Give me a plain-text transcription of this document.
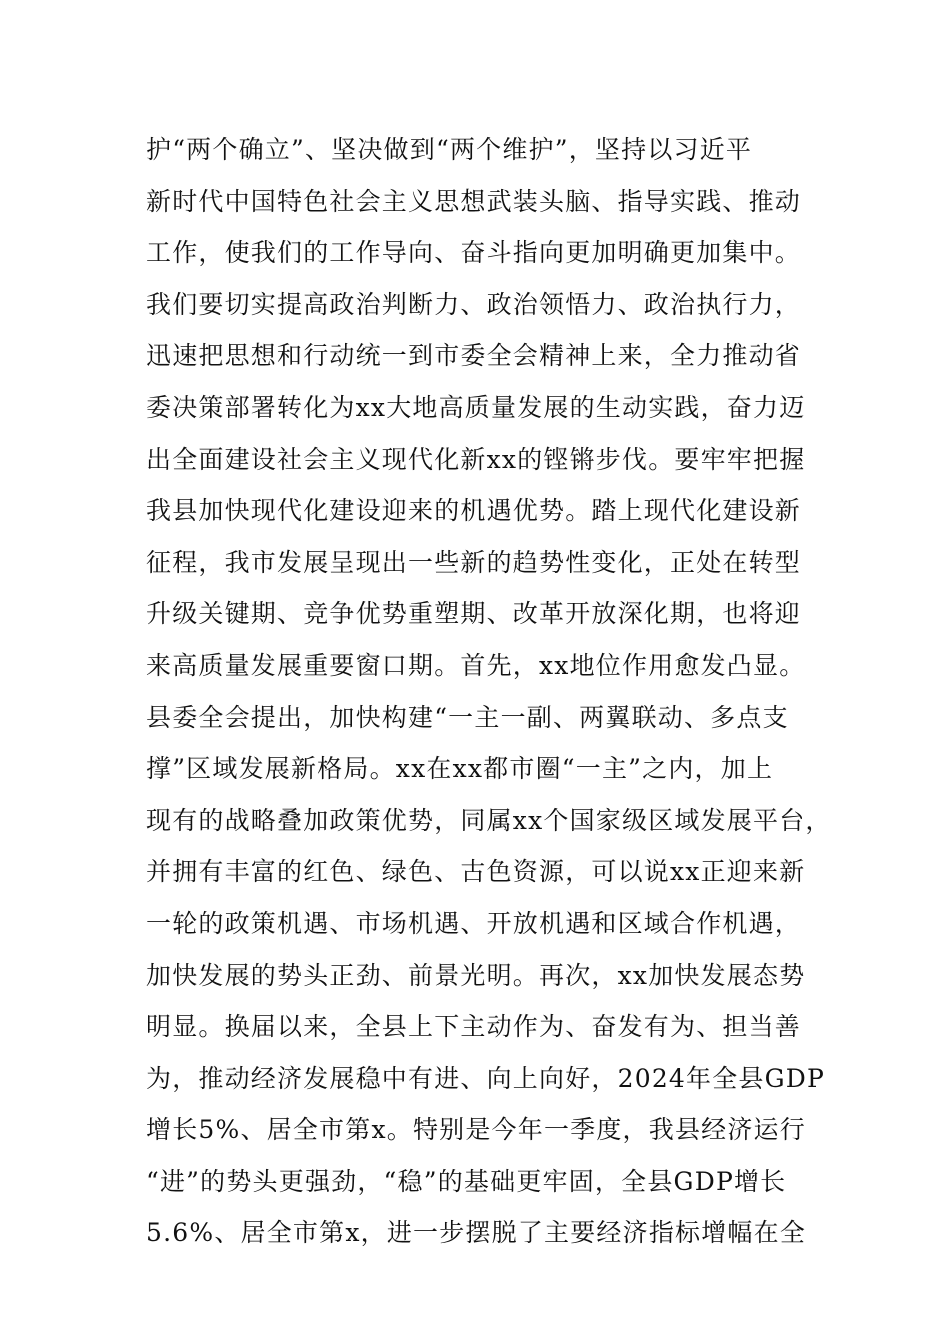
护“两个确立”、坚决做到“两个维护”，坚持以习近平
新时代中国特色社会主义思想武装头脑、指导实践、推动
工作，使我们的工作导向、奋斗指向更加明确更加集中。
我们要切实提高政治判断力、政治领悟力、政治执行力，
迅速把思想和行动统一到市委全会精神上来，全力推动省
委决策部署转化为xx大地高质量发展的生动实践，奋力迈
出全面建设社会主义现代化新xx的铿锵步伐。要牢牢把握
我县加快现代化建设迎来的机遇优势。踏上现代化建设新
征程，我市发展呈现出一些新的趋势性变化，正处在转型
升级关键期、竞争优势重塑期、改革开放深化期，也将迎
来高质量发展重要窗口期。首先，xx地位作用愈发凸显。
县委全会提出，加快构建“一主一副、两翼联动、多点支
撑”区域发展新格局。xx在xx都市圈“一主”之内，加上
现有的战略叠加政策优势，同属xx个国家级区域发展平台，
并拥有丰富的红色、绿色、古色资源，可以说xx正迎来新
一轮的政策机遇、市场机遇、开放机遇和区域合作机遇，
加快发展的势头正劲、前景光明。再次，xx加快发展态势
明显。换届以来，全县上下主动作为、奋发有为、担当善
为，推动经济发展稳中有进、向上向好，2024年全县GDP
增长5%、居全市第x。特别是今年一季度，我县经济运行
“进”的势头更强劲，“稳”的基础更牢固，全县GDP增长
5.6%、居全市第x，进一步摆脱了主要经济指标增幅在全
